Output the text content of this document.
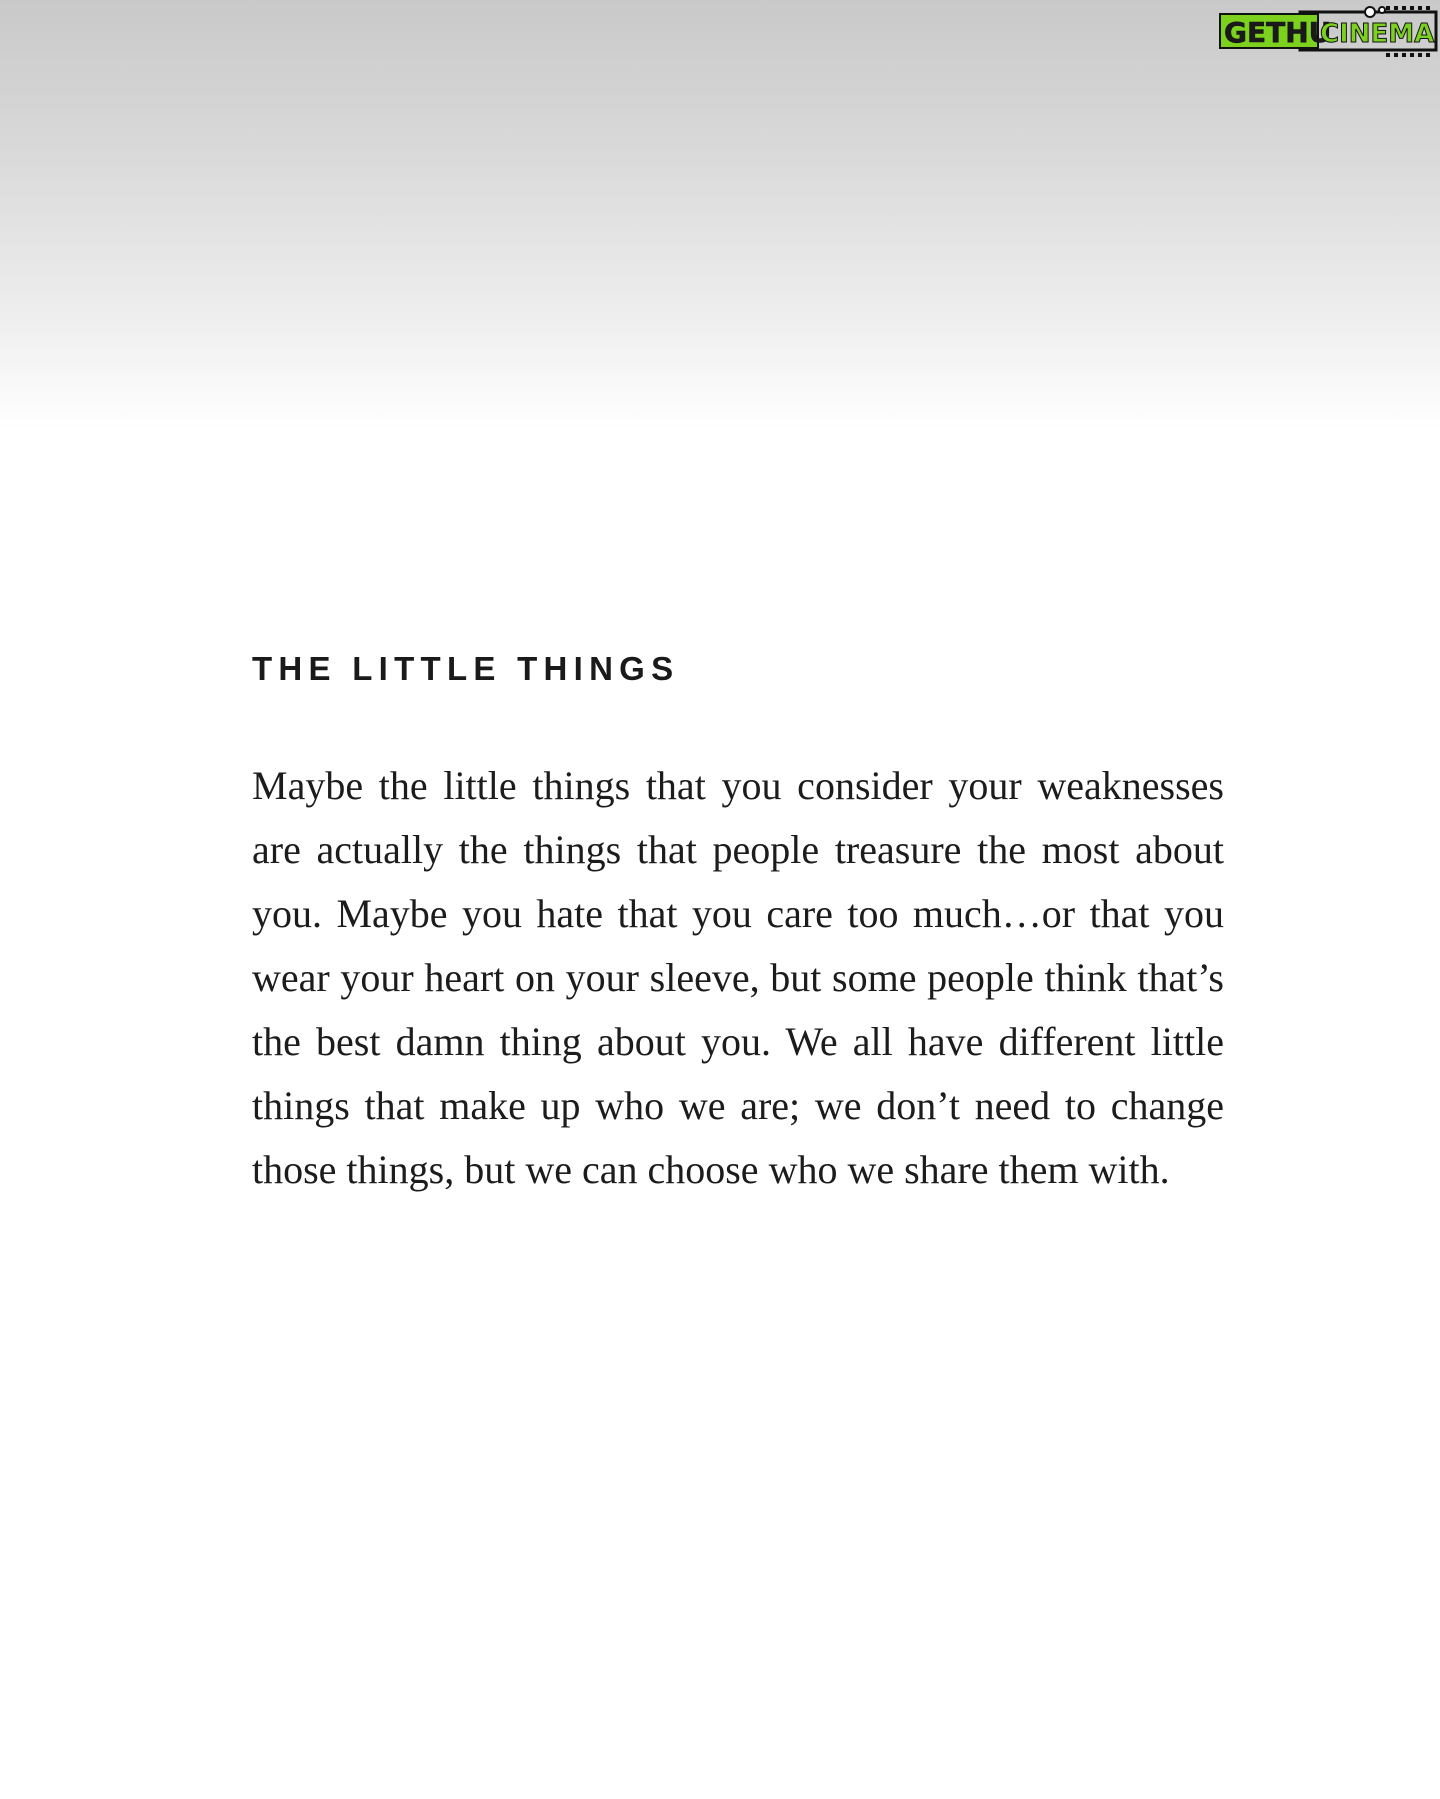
GETHU
CINEMA
THE LITTLE THINGS
Maybe the little things that you consider your weaknesses
are actually the things that people treasure the most about
you. Maybe you hate that you care too much…or that you
wear your heart on your sleeve, but some people think that’s
the best damn thing about you. We all have different little
things that make up who we are; we don’t need to change
those things, but we can choose who we share them with.
